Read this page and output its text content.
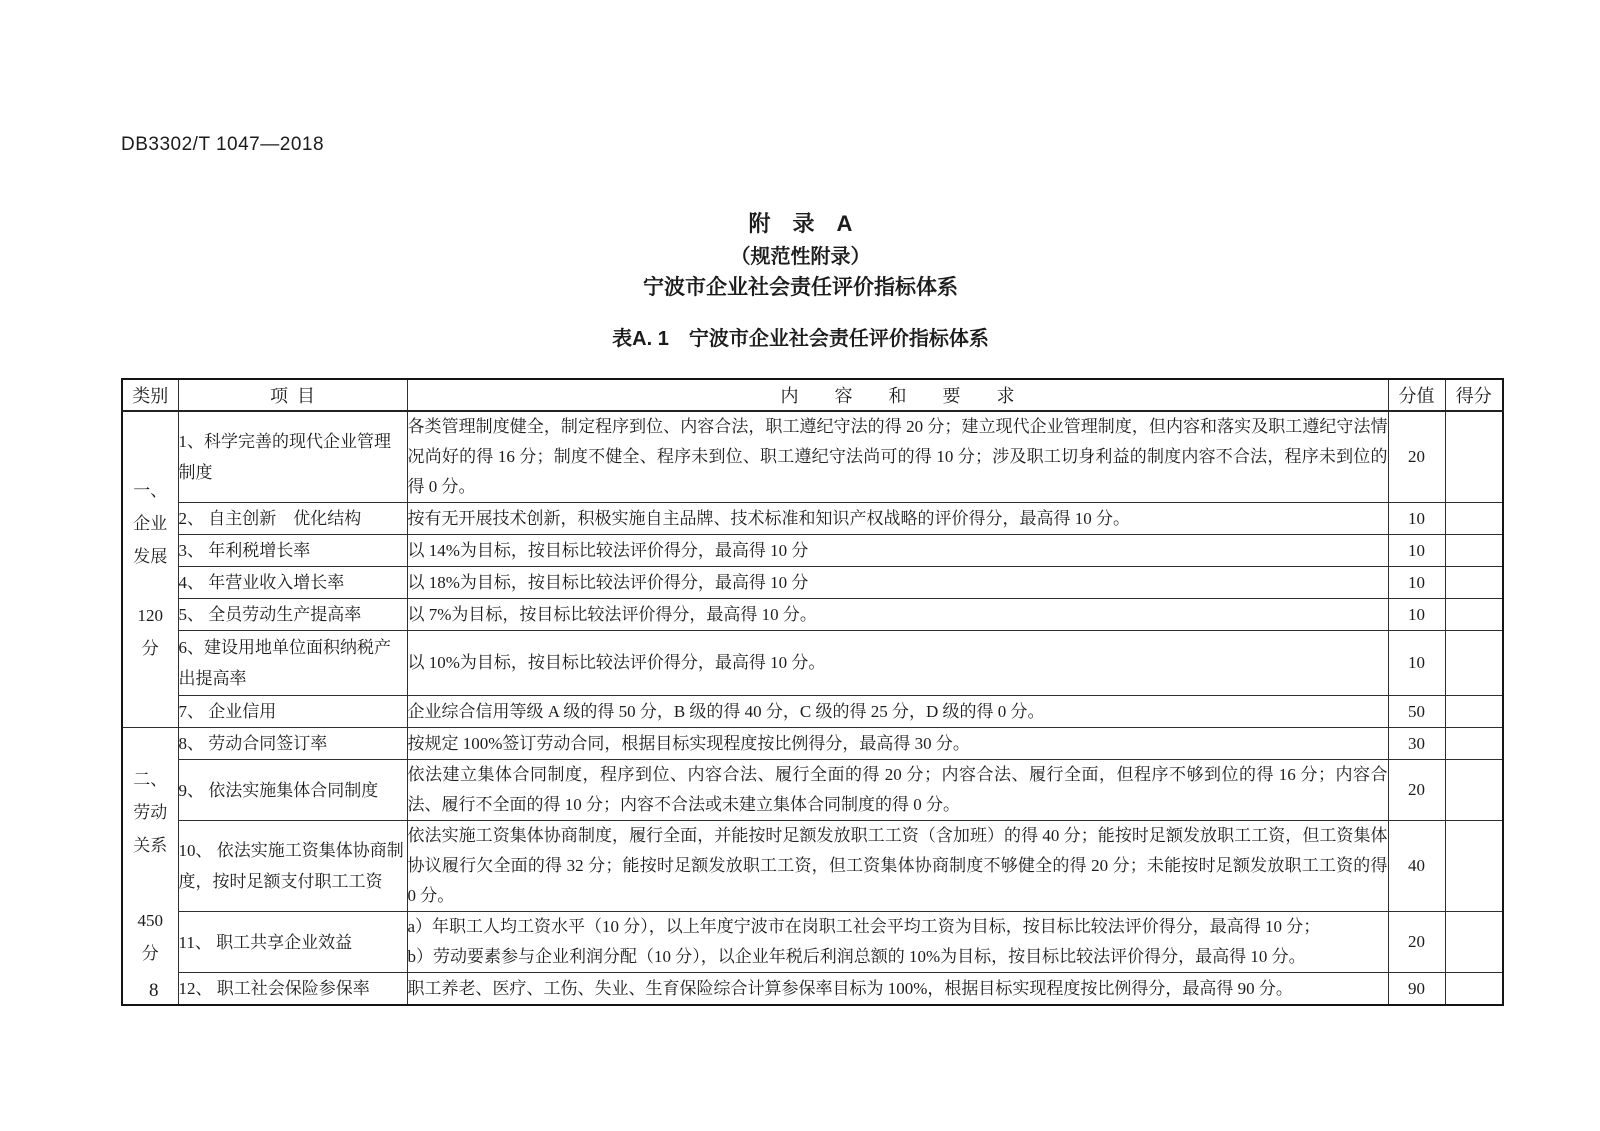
DB3302/T 1047—2018
附　录　A
（规范性附录）
宁波市企业社会责任评价指标体系
表A. 1 宁波市企业社会责任评价指标体系
类别	项  目	内　　容　　和　　要　　求	分值	得分

一、
企业
发展
120
分	1、科学完善的现代企业管理制度	各类管理制度健全，制定程序到位、内容合法，职工遵纪守法的得 20 分；建立现代企业管理制度，但内容和落实及职工遵纪守法情况尚好的得 16 分；制度不健全、程序未到位、职工遵纪守法尚可的得 10 分；涉及职工切身利益的制度内容不合法，程序未到位的得 0 分。	20	
	2、 自主创新　优化结构	按有无开展技术创新，积极实施自主品牌、技术标准和知识产权战略的评价得分，最高得 10 分。	10	
	3、 年利税增长率	以 14%为目标，按目标比较法评价得分，最高得 10 分	10	
	4、 年营业收入增长率	以 18%为目标，按目标比较法评价得分，最高得 10 分	10	
	5、 全员劳动生产提高率	以 7%为目标，按目标比较法评价得分，最高得 10 分。	10	
	6、建设用地单位面积纳税产出提高率	以 10%为目标，按目标比较法评价得分，最高得 10 分。	10	
	7、 企业信用	企业综合信用等级 A 级的得 50 分，B 级的得 40 分，C 级的得 25 分，D 级的得 0 分。	50	

二、
劳动
关系
450
分	8、 劳动合同签订率	按规定 100%签订劳动合同，根据目标实现程度按比例得分，最高得 30 分。	30	
	9、 依法实施集体合同制度	依法建立集体合同制度，程序到位、内容合法、履行全面的得 20 分；内容合法、履行全面，但程序不够到位的得 16 分；内容合法、履行不全面的得 10 分；内容不合法或未建立集体合同制度的得 0 分。	20	
	10、 依法实施工资集体协商制度，按时足额支付职工工资	依法实施工资集体协商制度，履行全面，并能按时足额发放职工工资（含加班）的得 40 分；能按时足额发放职工工资，但工资集体协议履行欠全面的得 32 分；能按时足额发放职工工资，但工资集体协商制度不够健全的得 20 分；未能按时足额发放职工工资的得 0 分。	40	
	11、 职工共享企业效益	a）年职工人均工资水平（10 分），以上年度宁波市在岗职工社会平均工资为目标，按目标比较法评价得分，最高得 10 分；
b）劳动要素参与企业利润分配（10 分），以企业年税后利润总额的 10%为目标，按目标比较法评价得分，最高得 10 分。	20	
	12、 职工社会保险参保率	职工养老、医疗、工伤、失业、生育保险综合计算参保率目标为 100%，根据目标实现程度按比例得分，最高得 90 分。	90	
8
